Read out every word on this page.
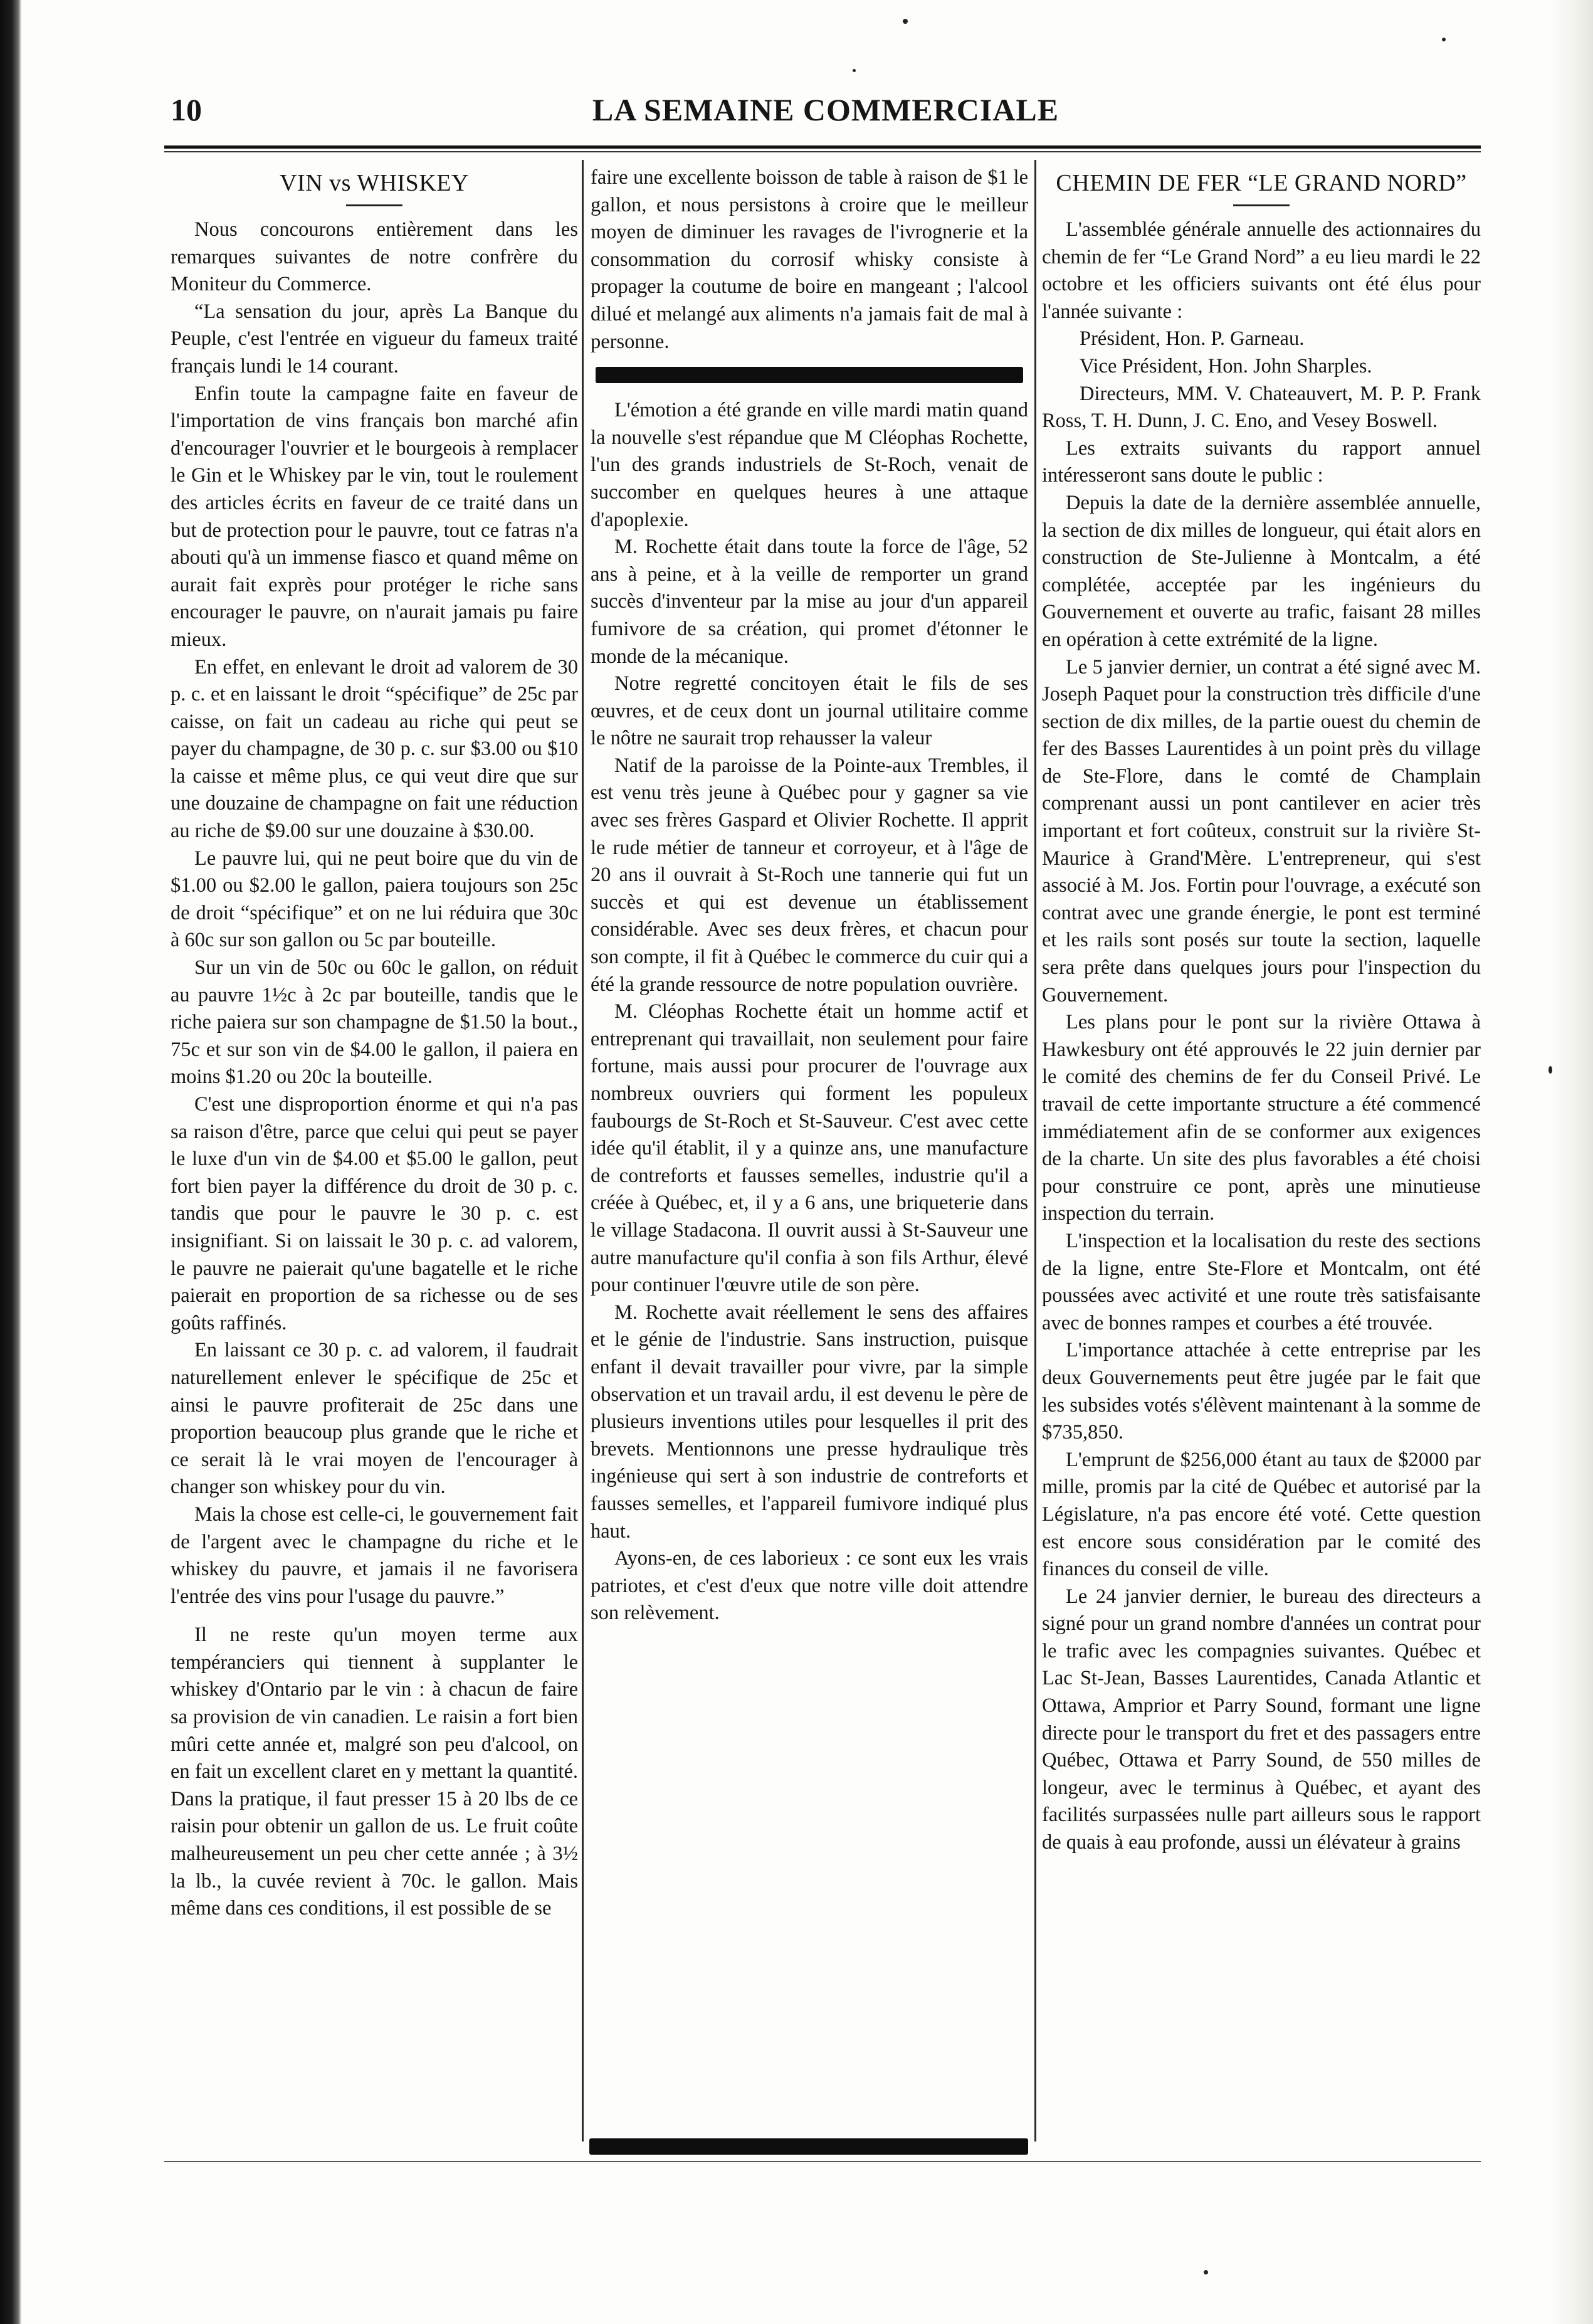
10	LA SEMAINE COMMERCIALE
VIN vs WHISKEY

Nous concourons entièrement dans les remarques suivantes de notre confrère du Moniteur du Commerce.

“La sensation du jour, après La Banque du Peuple, c'est l'entrée en vigueur du fameux traité français lundi le 14 courant.

Enfin toute la campagne faite en faveur de l'importation de vins français bon marché afin d'encourager l'ouvrier et le bourgeois à remplacer le Gin et le Whiskey par le vin, tout le roulement des articles écrits en faveur de ce traité dans un but de protection pour le pauvre, tout ce fatras n'a abouti qu'à un immense fiasco et quand même on aurait fait exprès pour protéger le riche sans encourager le pauvre, on n'aurait jamais pu faire mieux.

En effet, en enlevant le droit ad valorem de 30 p. c. et en laissant le droit “spécifique” de 25c par caisse, on fait un cadeau au riche qui peut se payer du champagne, de 30 p. c. sur $3.00 ou $10 la caisse et même plus, ce qui veut dire que sur une douzaine de champagne on fait une réduction au riche de $9.00 sur une douzaine à $30.00.

Le pauvre lui, qui ne peut boire que du vin de $1.00 ou $2.00 le gallon, paiera toujours son 25c de droit “spécifique” et on ne lui réduira que 30c à 60c sur son gallon ou 5c par bouteille.

Sur un vin de 50c ou 60c le gallon, on réduit au pauvre 1½c à 2c par bouteille, tandis que le riche paiera sur son champagne de $1.50 la bout., 75c et sur son vin de $4.00 le gallon, il paiera en moins $1.20 ou 20c la bouteille.

C'est une disproportion énorme et qui n'a pas sa raison d'être, parce que celui qui peut se payer le luxe d'un vin de $4.00 et $5.00 le gallon, peut fort bien payer la différence du droit de 30 p. c. tandis que pour le pauvre le 30 p. c. est insignifiant. Si on laissait le 30 p. c. ad valorem, le pauvre ne paierait qu'une bagatelle et le riche paierait en proportion de sa richesse ou de ses goûts raffinés.

En laissant ce 30 p. c. ad valorem, il faudrait naturellement enlever le spécifique de 25c et ainsi le pauvre profiterait de 25c dans une proportion beaucoup plus grande que le riche et ce serait là le vrai moyen de l'encourager à changer son whiskey pour du vin.

Mais la chose est celle-ci, le gouvernement fait de l'argent avec le champagne du riche et le whiskey du pauvre, et jamais il ne favorisera l'entrée des vins pour l'usage du pauvre.”

Il ne reste qu'un moyen terme aux tempéranciers qui tiennent à supplanter le whiskey d'Ontario par le vin : à chacun de faire sa provision de vin canadien. Le raisin a fort bien mûri cette année et, malgré son peu d'alcool, on en fait un excellent claret en y mettant la quantité. Dans la pratique, il faut presser 15 à 20 lbs de ce raisin pour obtenir un gallon de us. Le fruit coûte malheureusement un peu cher cette année ; à 3½ la lb., la cuvée revient à 70c. le gallon. Mais même dans ces conditions, il est possible de se

faire une excellente boisson de table à raison de $1 le gallon, et nous persistons à croire que le meilleur moyen de diminuer les ravages de l'ivrognerie et la consommation du corrosif whisky consiste à propager la coutume de boire en mangeant ; l'alcool dilué et melangé aux aliments n'a jamais fait de mal à personne.

L'émotion a été grande en ville mardi matin quand la nouvelle s'est répandue que M Cléophas Rochette, l'un des grands industriels de St-Roch, venait de succomber en quelques heures à une attaque d'apoplexie.

M. Rochette était dans toute la force de l'âge, 52 ans à peine, et à la veille de remporter un grand succès d'inventeur par la mise au jour d'un appareil fumivore de sa création, qui promet d'étonner le monde de la mécanique.

Notre regretté concitoyen était le fils de ses œuvres, et de ceux dont un journal utilitaire comme le nôtre ne saurait trop rehausser la valeur

Natif de la paroisse de la Pointe-aux Trembles, il est venu très jeune à Québec pour y gagner sa vie avec ses frères Gaspard et Olivier Rochette. Il apprit le rude métier de tanneur et corroyeur, et à l'âge de 20 ans il ouvrait à St-Roch une tannerie qui fut un succès et qui est devenue un établissement considérable. Avec ses deux frères, et chacun pour son compte, il fit à Québec le commerce du cuir qui a été la grande ressource de notre population ouvrière.

M. Cléophas Rochette était un homme actif et entreprenant qui travaillait, non seulement pour faire fortune, mais aussi pour procurer de l'ouvrage aux nombreux ouvriers qui forment les populeux faubourgs de St-Roch et St-Sauveur. C'est avec cette idée qu'il établit, il y a quinze ans, une manufacture de contreforts et fausses semelles, industrie qu'il a créée à Québec, et, il y a 6 ans, une briqueterie dans le village Stadacona. Il ouvrit aussi à St-Sauveur une autre manufacture qu'il confia à son fils Arthur, élevé pour continuer l'œuvre utile de son père.

M. Rochette avait réellement le sens des affaires et le génie de l'industrie. Sans instruction, puisque enfant il devait travailler pour vivre, par la simple observation et un travail ardu, il est devenu le père de plusieurs inventions utiles pour lesquelles il prit des brevets. Mentionnons une presse hydraulique très ingénieuse qui sert à son industrie de contreforts et fausses semelles, et l'appareil fumivore indiqué plus haut.

Ayons-en, de ces laborieux : ce sont eux les vrais patriotes, et c'est d'eux que notre ville doit attendre son relèvement.

CHEMIN DE FER “LE GRAND NORD”

L'assemblée générale annuelle des actionnaires du chemin de fer “Le Grand Nord” a eu lieu mardi le 22 octobre et les officiers suivants ont été élus pour l'année suivante :

Président, Hon. P. Garneau.

Vice Président, Hon. John Sharples.

Directeurs, MM. V. Chateauvert, M. P. P. Frank Ross, T. H. Dunn, J. C. Eno, and Vesey Boswell.

Les extraits suivants du rapport annuel intéresseront sans doute le public :

Depuis la date de la dernière assemblée annuelle, la section de dix milles de longueur, qui était alors en construction de Ste-Julienne à Montcalm, a été complétée, acceptée par les ingénieurs du Gouvernement et ouverte au trafic, faisant 28 milles en opération à cette extrémité de la ligne.

Le 5 janvier dernier, un contrat a été signé avec M. Joseph Paquet pour la construction très difficile d'une section de dix milles, de la partie ouest du chemin de fer des Basses Laurentides à un point près du village de Ste-Flore, dans le comté de Champlain comprenant aussi un pont cantilever en acier très important et fort coûteux, construit sur la rivière St-Maurice à Grand'Mère. L'entrepreneur, qui s'est associé à M. Jos. Fortin pour l'ouvrage, a exécuté son contrat avec une grande énergie, le pont est terminé et les rails sont posés sur toute la section, laquelle sera prête dans quelques jours pour l'inspection du Gouvernement.

Les plans pour le pont sur la rivière Ottawa à Hawkesbury ont été approuvés le 22 juin dernier par le comité des chemins de fer du Conseil Privé. Le travail de cette importante structure a été commencé immédiatement afin de se conformer aux exigences de la charte. Un site des plus favorables a été choisi pour construire ce pont, après une minutieuse inspection du terrain.

L'inspection et la localisation du reste des sections de la ligne, entre Ste-Flore et Montcalm, ont été poussées avec activité et une route très satisfaisante avec de bonnes rampes et courbes a été trouvée.

L'importance attachée à cette entreprise par les deux Gouvernements peut être jugée par le fait que les subsides votés s'élèvent maintenant à la somme de $735,850.

L'emprunt de $256,000 étant au taux de $2000 par mille, promis par la cité de Québec et autorisé par la Législature, n'a pas encore été voté. Cette question est encore sous considération par le comité des finances du conseil de ville.

Le 24 janvier dernier, le bureau des directeurs a signé pour un grand nombre d'années un contrat pour le trafic avec les compagnies suivantes. Québec et Lac St-Jean, Basses Laurentides, Canada Atlantic et Ottawa, Amprior et Parry Sound, formant une ligne directe pour le transport du fret et des passagers entre Québec, Ottawa et Parry Sound, de 550 milles de longeur, avec le terminus à Québec, et ayant des facilités surpassées nulle part ailleurs sous le rapport de quais à eau profonde, aussi un élévateur à grains
